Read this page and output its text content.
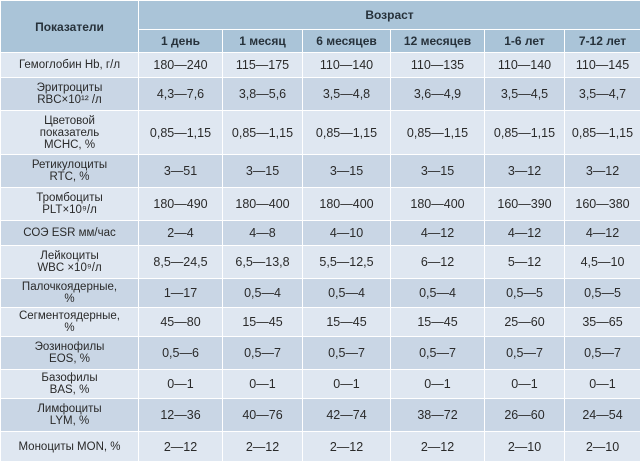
Показатели	Возраст					
	1 день	1 месяц	6 месяцев	12 месяцев	1-6 лет	7-12 лет

Гемоглобин Hb, г/л	180—240	115—175	110—140	110—135	110—140	110—145

Эритроциты
RBC×10¹² /л	4,3—7,6	3,8—5,6	3,5—4,8	3,6—4,9	3,5—4,5	3,5—4,7

Цветовой
показатель
MCHC, %	0,85—1,15	0,85—1,15	0,85—1,15	0,85—1,15	0,85—1,15	0,85—1,15

Ретикулоциты
RTC, %	3—51	3—15	3—15	3—15	3—12	3—12

Тромбоциты
PLT×10⁹/л	180—490	180—400	180—400	180—400	160—390	160—380

СОЭ ESR мм/час	2—4	4—8	4—10	4—12	4—12	4—12

Лейкоциты
WBC ×10⁹/л	8,5—24,5	6,5—13,8	5,5—12,5	6—12	5—12	4,5—10

Палочкоядерные,
%	1—17	0,5—4	0,5—4	0,5—4	0,5—5	0,5—5

Сегментоядерные,
%	45—80	15—45	15—45	15—45	25—60	35—65

Эозинофилы
EOS, %	0,5—6	0,5—7	0,5—7	0,5—7	0,5—7	0,5—7

Базофилы
BAS, %	0—1	0—1	0—1	0—1	0—1	0—1

Лимфоциты
LYM, %	12—36	40—76	42—74	38—72	26—60	24—54

Моноциты MON, %	2—12	2—12	2—12	2—12	2—10	2—10
